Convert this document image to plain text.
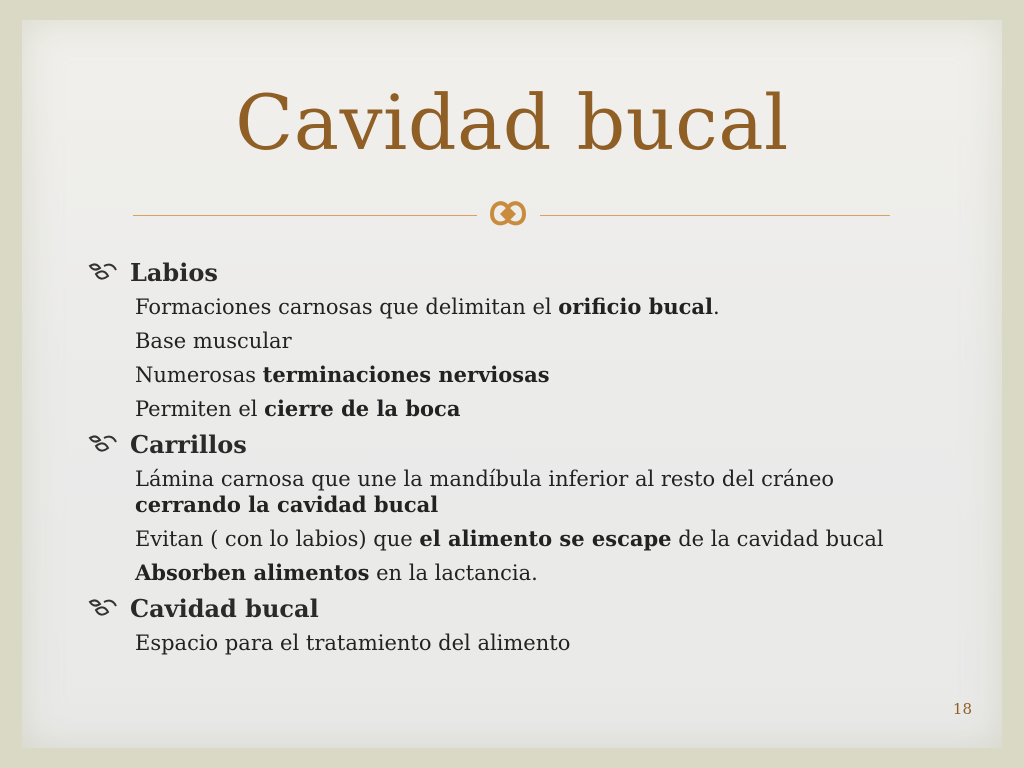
Cavidad bucal
Labios
Formaciones carnosas que delimitan el orificio bucal.
Base muscular
Numerosas terminaciones nerviosas
Permiten el cierre de la boca
Carrillos
Lámina carnosa que une la mandíbula inferior al resto del cráneo cerrando la cavidad bucal
Evitan ( con lo labios) que el alimento se escape de la cavidad bucal
Absorben alimentos en la lactancia.
Cavidad bucal
Espacio para el tratamiento del alimento
18
